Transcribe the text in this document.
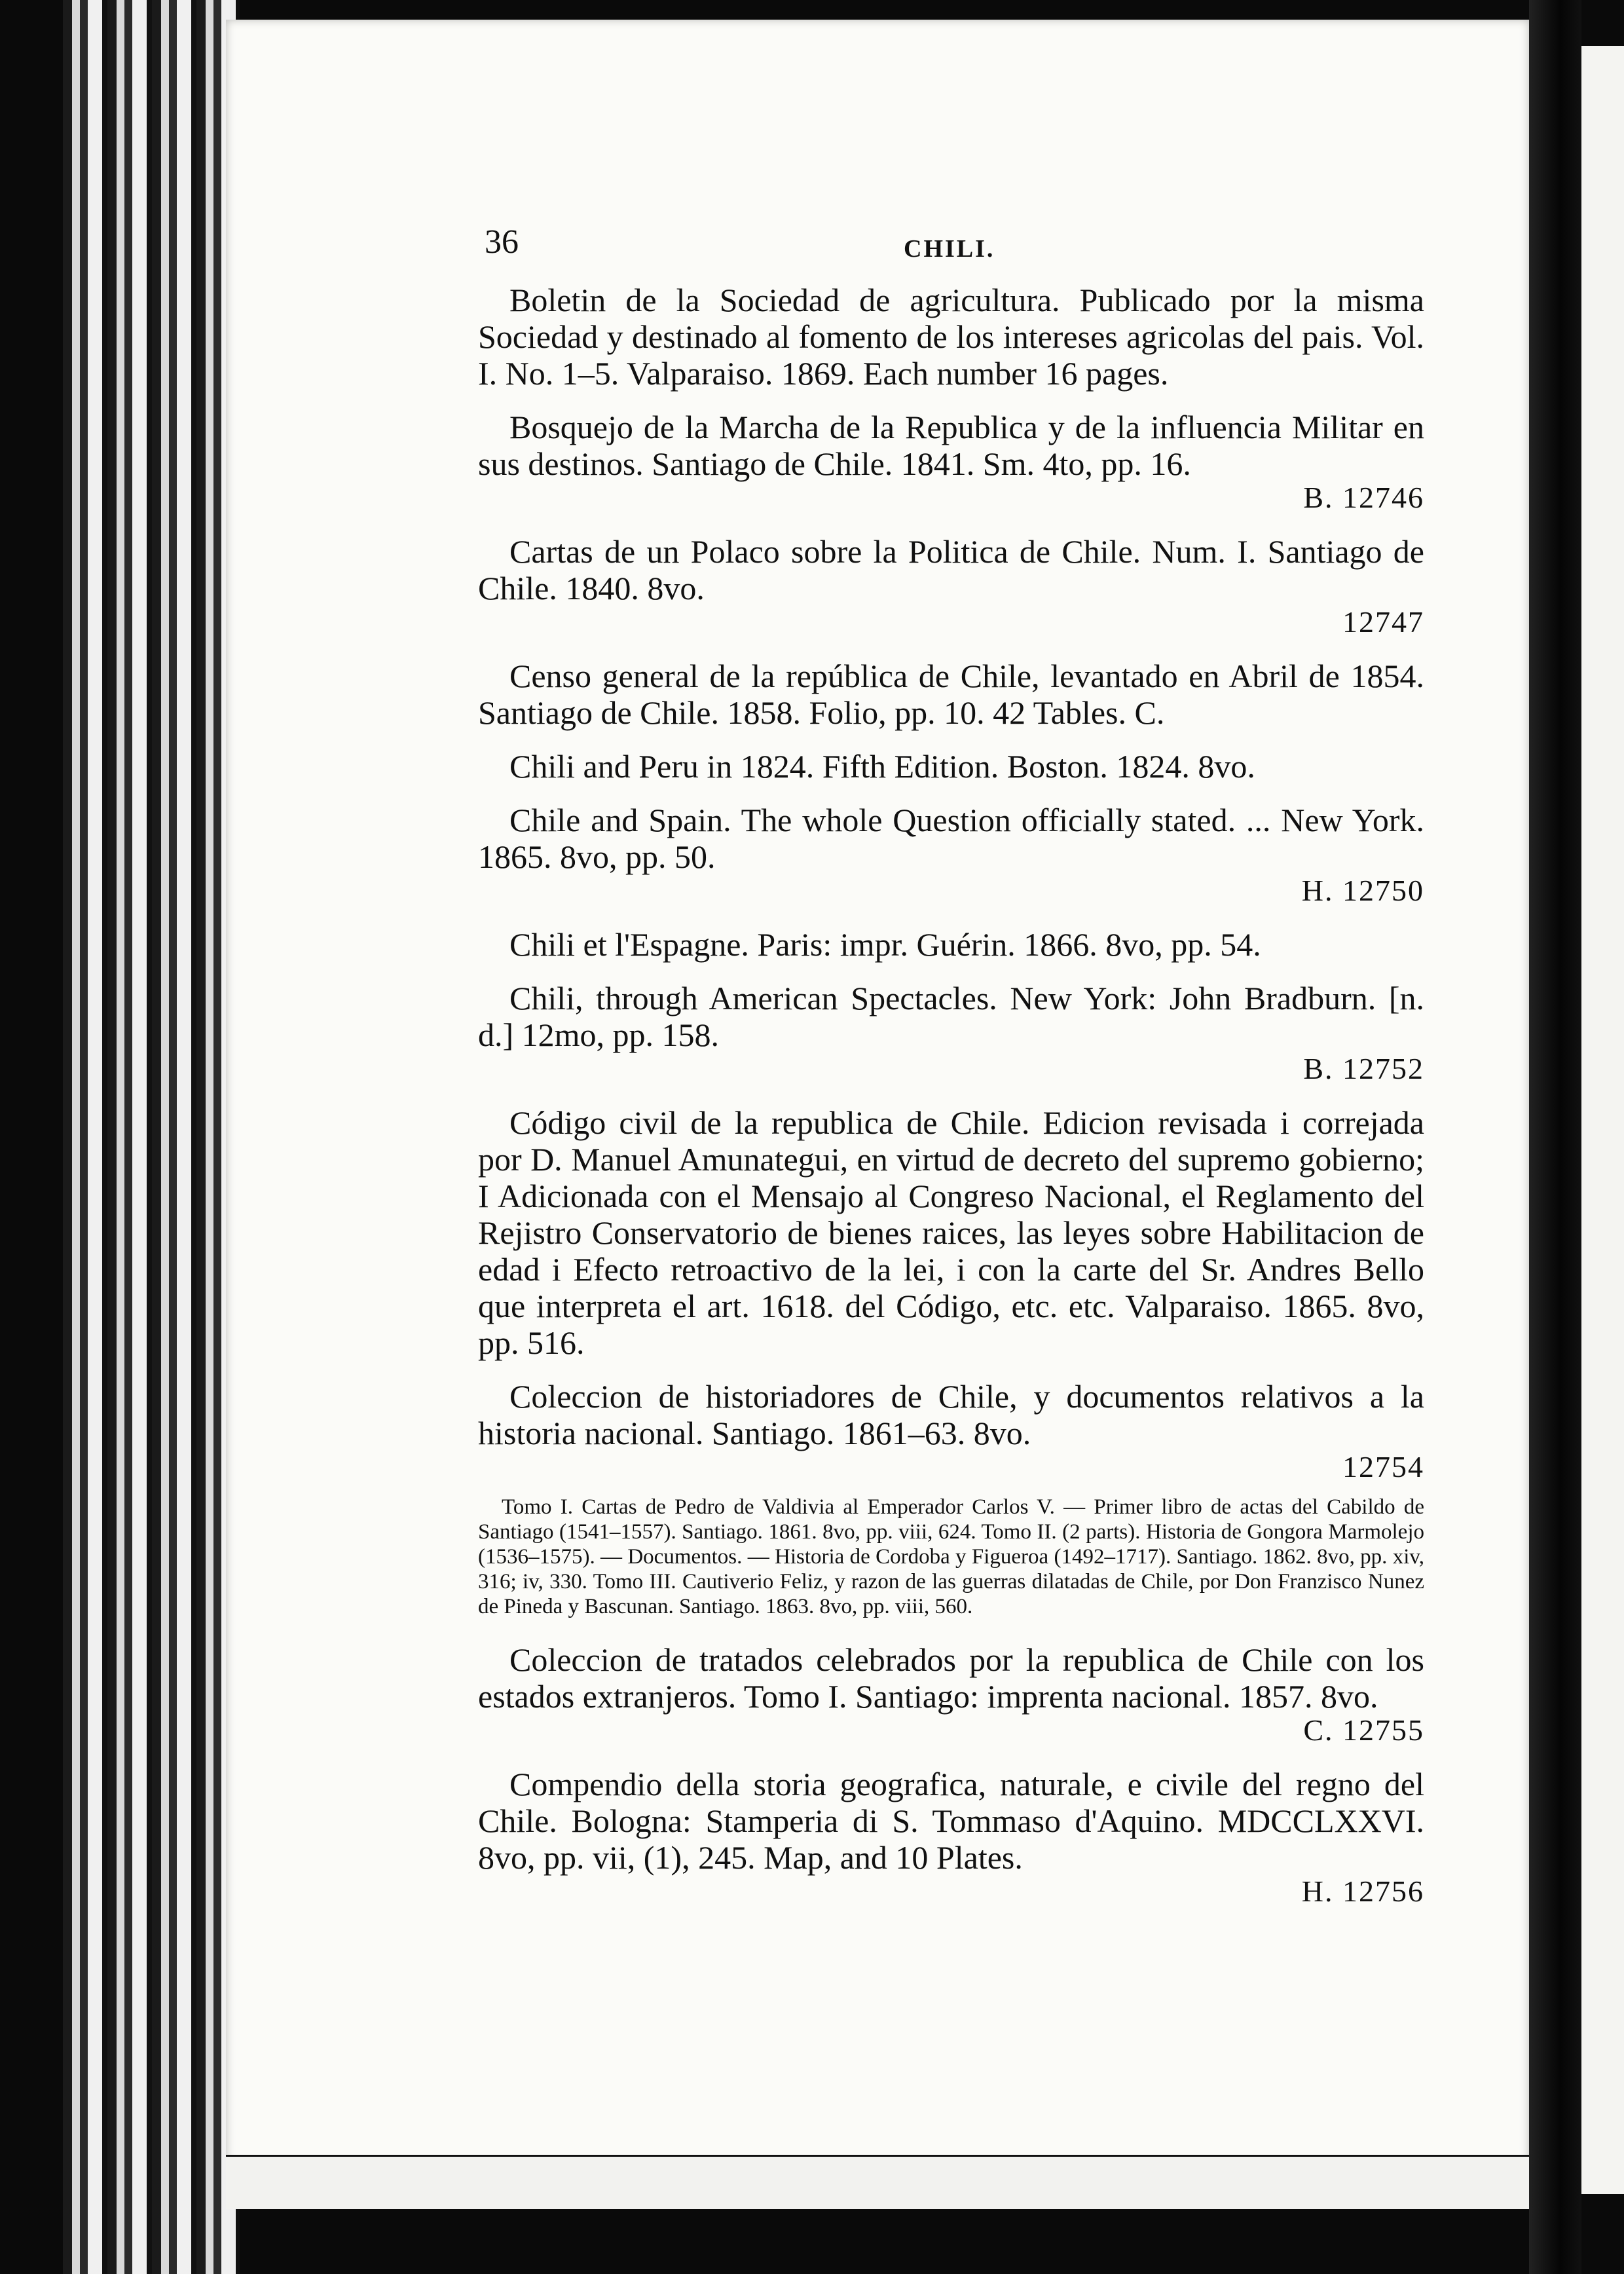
36	CHILI.
Boletin de la Sociedad de agricultura. Publicado por la misma Sociedad y destinado al fomento de los intereses agricolas del pais. Vol. I. No. 1–5. Valparaiso. 1869. Each number 16 pages.
Bosquejo de la Marcha de la Republica y de la influencia Militar en sus destinos. Santiago de Chile. 1841. Sm. 4to, pp. 16.
B. 12746
Cartas de un Polaco sobre la Politica de Chile. Num. I. Santiago de Chile. 1840. 8vo.
12747
Censo general de la república de Chile, levantado en Abril de 1854. Santiago de Chile. 1858. Folio, pp. 10. 42 Tables. C.
Chili and Peru in 1824. Fifth Edition. Boston. 1824. 8vo.
Chile and Spain. The whole Question officially stated. ... New York. 1865. 8vo, pp. 50.
H. 12750
Chili et l'Espagne. Paris: impr. Guérin. 1866. 8vo, pp. 54.
Chili, through American Spectacles. New York: John Bradburn. [n. d.] 12mo, pp. 158.
B. 12752
Código civil de la republica de Chile. Edicion revisada i correjada por D. Manuel Amunategui, en virtud de decreto del supremo gobierno; I Adicionada con el Mensajo al Congreso Nacional, el Reglamento del Rejistro Conservatorio de bienes raices, las leyes sobre Habilitacion de edad i Efecto retroactivo de la lei, i con la carte del Sr. Andres Bello que interpreta el art. 1618. del Código, etc. etc. Valparaiso. 1865. 8vo, pp. 516.
Coleccion de historiadores de Chile, y documentos relativos a la historia nacional. Santiago. 1861–63. 8vo.
12754
Tomo I. Cartas de Pedro de Valdivia al Emperador Carlos V. — Primer libro de actas del Cabildo de Santiago (1541–1557). Santiago. 1861. 8vo, pp. viii, 624. Tomo II. (2 parts). Historia de Gongora Marmolejo (1536–1575). — Documentos. — Historia de Cordoba y Figueroa (1492–1717). Santiago. 1862. 8vo, pp. xiv, 316; iv, 330. Tomo III. Cautiverio Feliz, y razon de las guerras dilatadas de Chile, por Don Franzisco Nunez de Pineda y Bascunan. Santiago. 1863. 8vo, pp. viii, 560.
Coleccion de tratados celebrados por la republica de Chile con los estados extranjeros. Tomo I. Santiago: imprenta nacional. 1857. 8vo.
C. 12755
Compendio della storia geografica, naturale, e civile del regno del Chile. Bologna: Stamperia di S. Tommaso d'Aquino. MDCCLXXVI. 8vo, pp. vii, (1), 245. Map, and 10 Plates.
H. 12756
